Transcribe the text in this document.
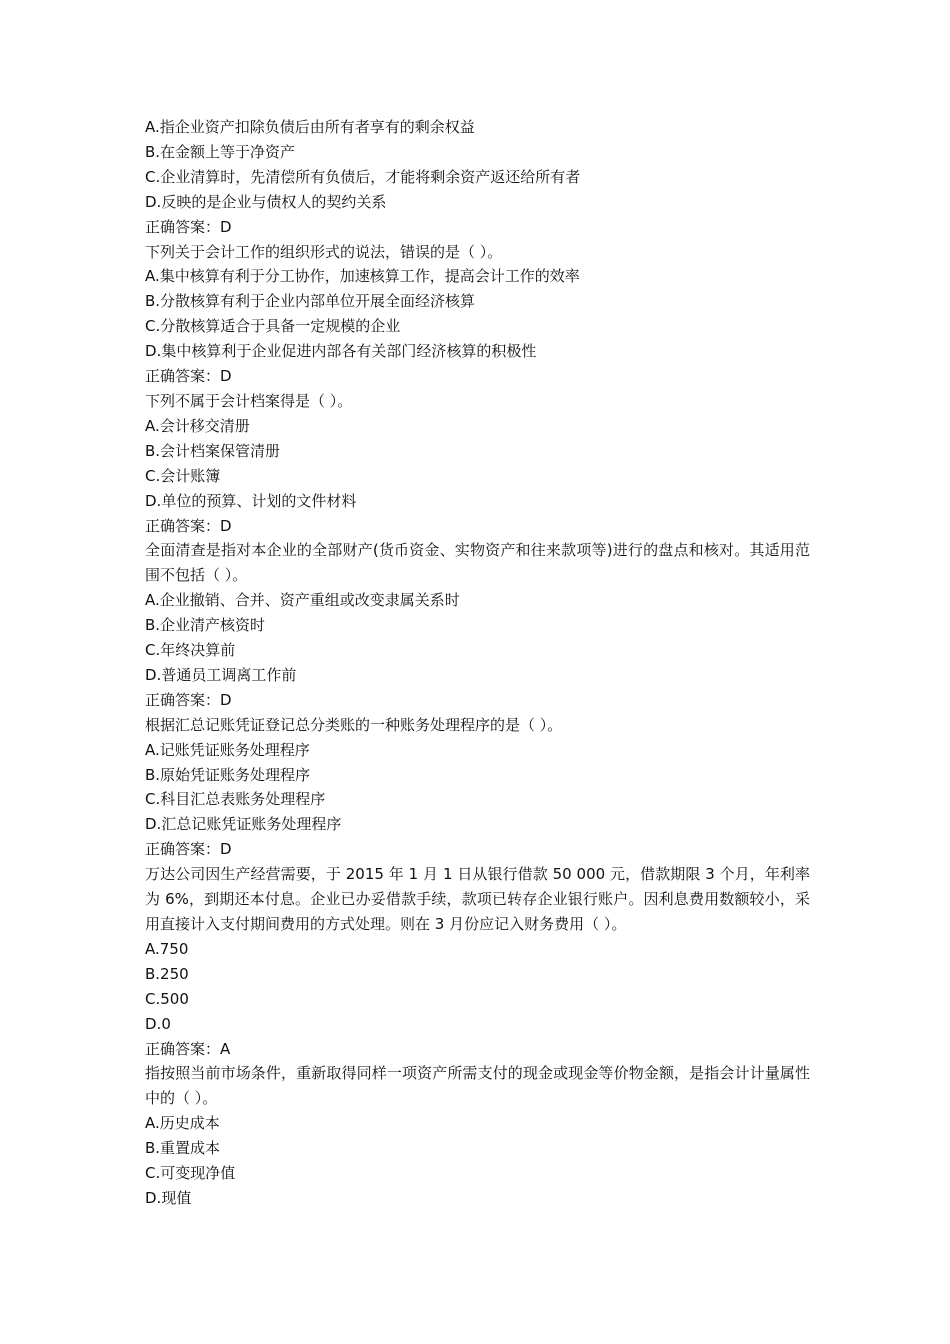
A.指企业资产扣除负债后由所有者享有的剩余权益
B.在金额上等于净资产
C.企业清算时，先清偿所有负债后，才能将剩余资产返还给所有者
D.反映的是企业与债权人的契约关系
正确答案：D
下列关于会计工作的组织形式的说法，错误的是（ ）。
A.集中核算有利于分工协作，加速核算工作，提高会计工作的效率
B.分散核算有利于企业内部单位开展全面经济核算
C.分散核算适合于具备一定规模的企业
D.集中核算利于企业促进内部各有关部门经济核算的积极性
正确答案：D
下列不属于会计档案得是（ ）。
A.会计移交清册
B.会计档案保管清册
C.会计账簿
D.单位的预算、计划的文件材料
正确答案：D
全面清查是指对本企业的全部财产(货币资金、实物资产和往来款项等)进行的盘点和核对。其适用范围不包括（ ）。
A.企业撤销、合并、资产重组或改变隶属关系时
B.企业清产核资时
C.年终决算前
D.普通员工调离工作前
正确答案：D
根据汇总记账凭证登记总分类账的一种账务处理程序的是（ ）。
A.记账凭证账务处理程序
B.原始凭证账务处理程序
C.科目汇总表账务处理程序
D.汇总记账凭证账务处理程序
正确答案：D
万达公司因生产经营需要，于 2015 年 1 月 1 日从银行借款 50 000 元，借款期限 3 个月，年利率为 6%，到期还本付息。企业已办妥借款手续，款项已转存企业银行账户。因利息费用数额较小，采用直接计入支付期间费用的方式处理。则在 3 月份应记入财务费用（ ）。
A.750
B.250
C.500
D.0
正确答案：A
指按照当前市场条件，重新取得同样一项资产所需支付的现金或现金等价物金额，是指会计计量属性中的（ ）。
A.历史成本
B.重置成本
C.可变现净值
D.现值
